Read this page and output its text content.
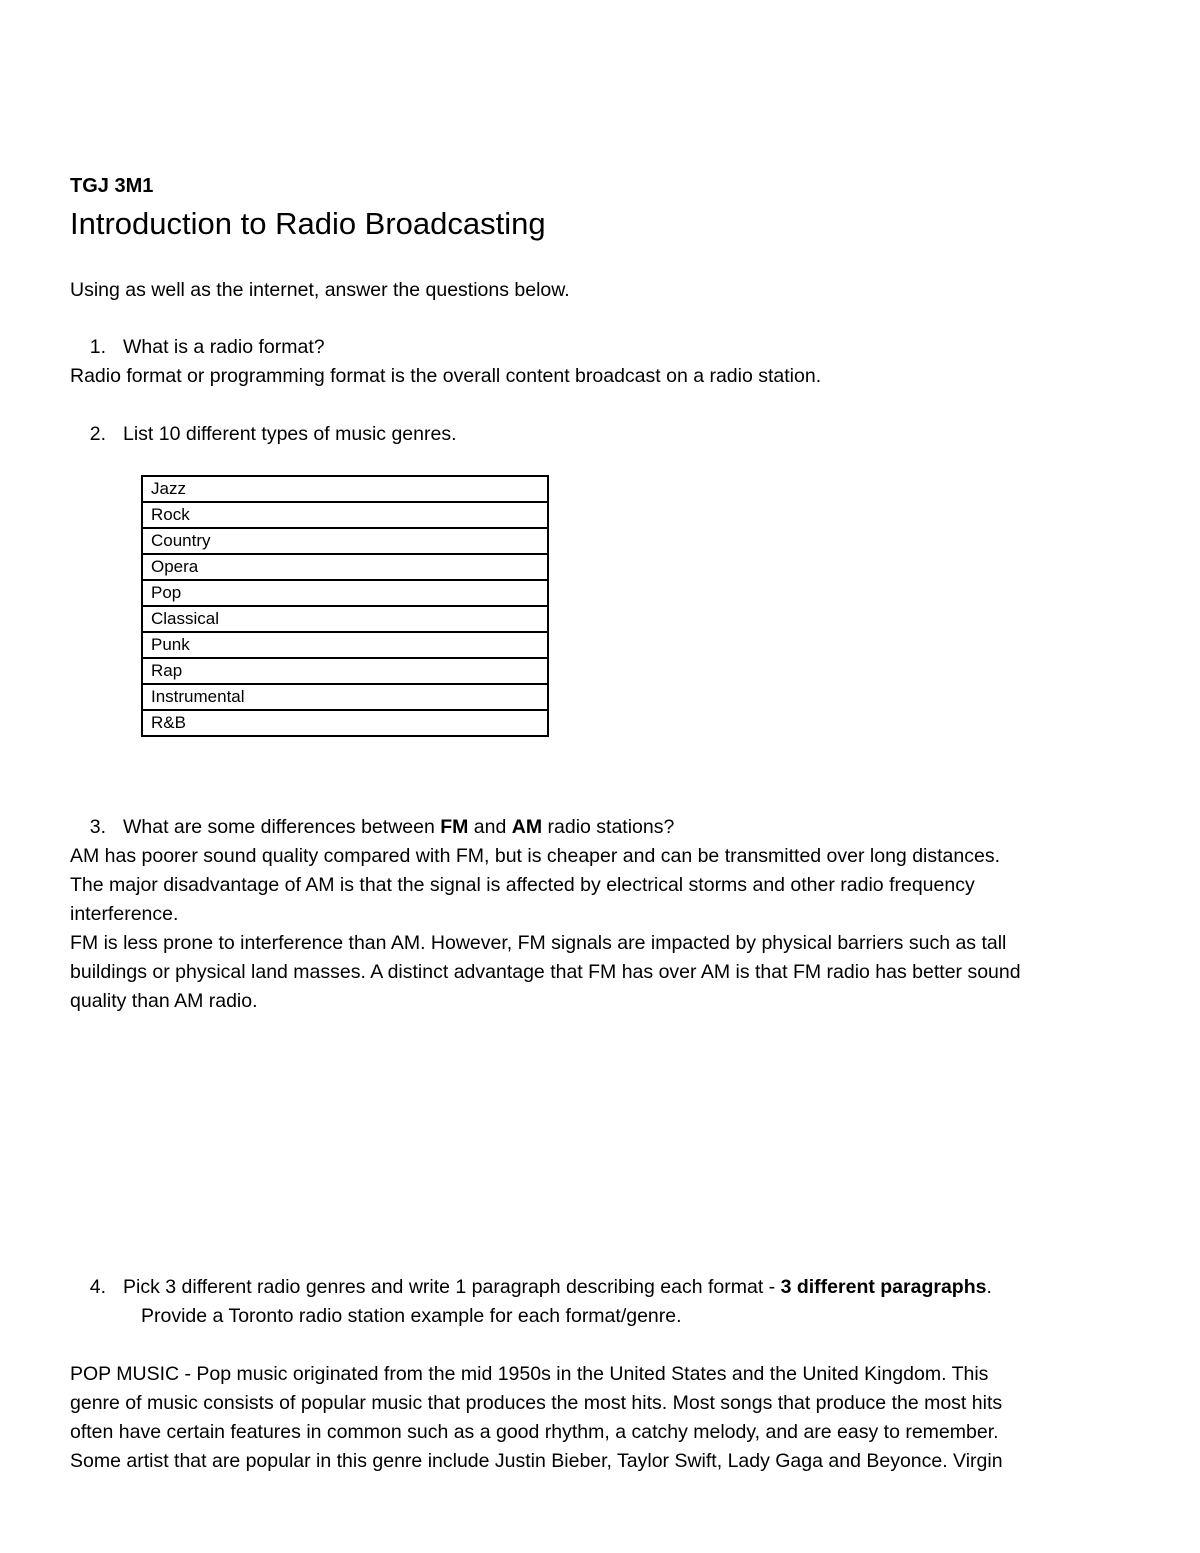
TGJ 3M1
Introduction to Radio Broadcasting
Using as well as the internet, answer the questions below.
1. What is a radio format?
Radio format or programming format is the overall content broadcast on a radio station.
2. List 10 different types of music genres.
Jazz
Rock
Country
Opera
Pop
Classical
Punk
Rap
Instrumental
R&B
3. What are some differences between FM and AM radio stations?
AM has poorer sound quality compared with FM, but is cheaper and can be transmitted over long distances.
The major disadvantage of AM is that the signal is affected by electrical storms and other radio frequency
interference.
FM is less prone to interference than AM. However, FM signals are impacted by physical barriers such as tall
buildings or physical land masses. A distinct advantage that FM has over AM is that FM radio has better sound
quality than AM radio.
4. Pick 3 different radio genres and write 1 paragraph describing each format - 3 different paragraphs.
Provide a Toronto radio station example for each format/genre.
POP MUSIC - Pop music originated from the mid 1950s in the United States and the United Kingdom. This
genre of music consists of popular music that produces the most hits. Most songs that produce the most hits
often have certain features in common such as a good rhythm, a catchy melody, and are easy to remember.
Some artist that are popular in this genre include Justin Bieber, Taylor Swift, Lady Gaga and Beyonce. Virgin
